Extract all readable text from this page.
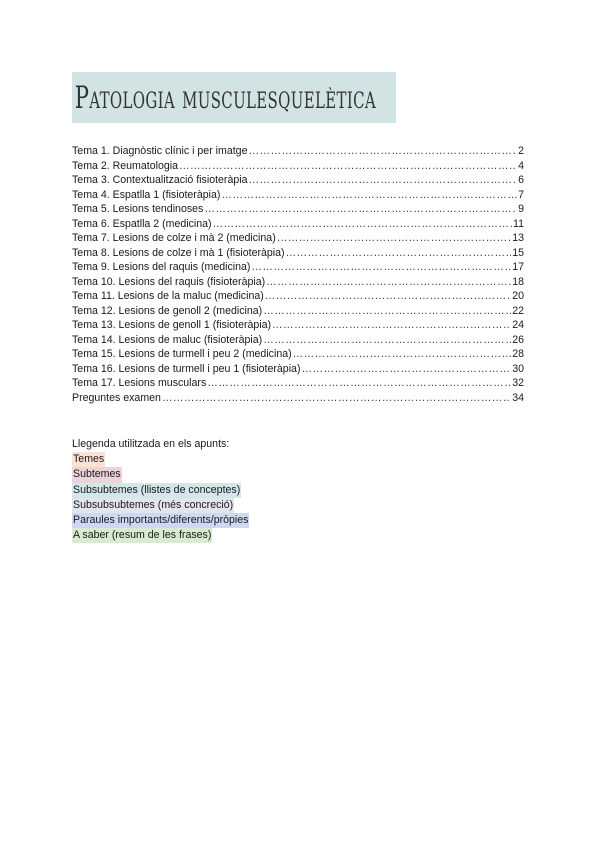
Patologia musculesquelètica
Tema 1. Diagnòstic clínic i per imatge ……………………………………………………………………………………………………………………………………………………………	2
Tema 2. Reumatologia ……………………………………………………………………………………………………………………………………………………………	4
Tema 3. Contextualització fisioteràpia ……………………………………………………………………………………………………………………………………………………………	6
Tema 4. Espatlla 1 (fisioteràpia) ……………………………………………………………………………………………………………………………………………………………	7
Tema 5. Lesions tendinoses ……………………………………………………………………………………………………………………………………………………………	9
Tema 6. Espatlla 2 (medicina) ……………………………………………………………………………………………………………………………………………………………	11
Tema 7. Lesions de colze i mà 2 (medicina) ……………………………………………………………………………………………………………………………………………………………	13
Tema 8. Lesions de colze i mà 1 (fisioteràpia) ……………………………………………………………………………………………………………………………………………………………	15
Tema 9. Lesions del raquis (medicina) ……………………………………………………………………………………………………………………………………………………………	17
Tema 10. Lesions del raquis (fisioteràpia) ……………………………………………………………………………………………………………………………………………………………	18
Tema 11. Lesions de la maluc (medicina) ……………………………………………………………………………………………………………………………………………………………	20
Tema 12. Lesions de genoll 2 (medicina) ……………………………………………………………………………………………………………………………………………………………	22
Tema 13. Lesions de genoll 1 (fisioteràpia) ……………………………………………………………………………………………………………………………………………………………	24
Tema 14. Lesions de maluc (fisioteràpia) ……………………………………………………………………………………………………………………………………………………………	26
Tema 15. Lesions de turmell i peu 2 (medicina) ……………………………………………………………………………………………………………………………………………………………	28
Tema 16. Lesions de turmell i peu 1 (fisioteràpia) ……………………………………………………………………………………………………………………………………………………………	30
Tema 17. Lesions musculars ……………………………………………………………………………………………………………………………………………………………	32
Preguntes examen ……………………………………………………………………………………………………………………………………………………………	34
Llegenda utilitzada en els apunts:
Temes
Subtemes
Subsubtemes (llistes de conceptes)
Subsubsubtemes (més concreció)
Paraules importants/diferents/pròpies
A saber (resum de les frases)
